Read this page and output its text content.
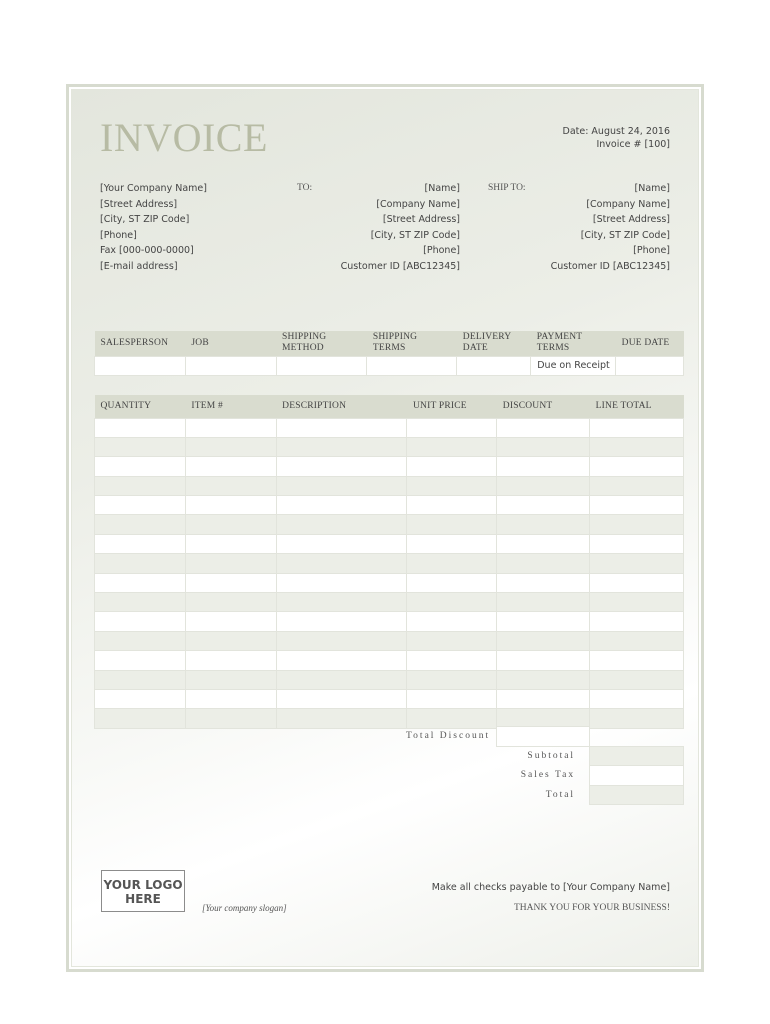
INVOICE	Date: August 24, 2016
Invoice # [100]
[Your Company Name]
[Street Address]
[City, ST ZIP Code]
[Phone]
Fax [000-000-0000]
[E-mail address]
TO:	[Name]
[Company Name]
[Street Address]
[City, ST ZIP Code]
[Phone]
Customer ID [ABC12345]
SHIP TO:	[Name]
[Company Name]
[Street Address]
[City, ST ZIP Code]
[Phone]
Customer ID [ABC12345]
SALESPERSON	JOB	SHIPPING METHOD	SHIPPING TERMS	DELIVERY DATE	PAYMENT TERMS	DUE DATE
					Due on Receipt	
QUANTITY	ITEM #	DESCRIPTION	UNIT PRICE	DISCOUNT	LINE TOTAL

Total Discount		
	Subtotal	
	Sales Tax	
	Total	
YOUR LOGO
HERE
[Your company slogan]
Make all checks payable to [Your Company Name]
THANK YOU FOR YOUR BUSINESS!
